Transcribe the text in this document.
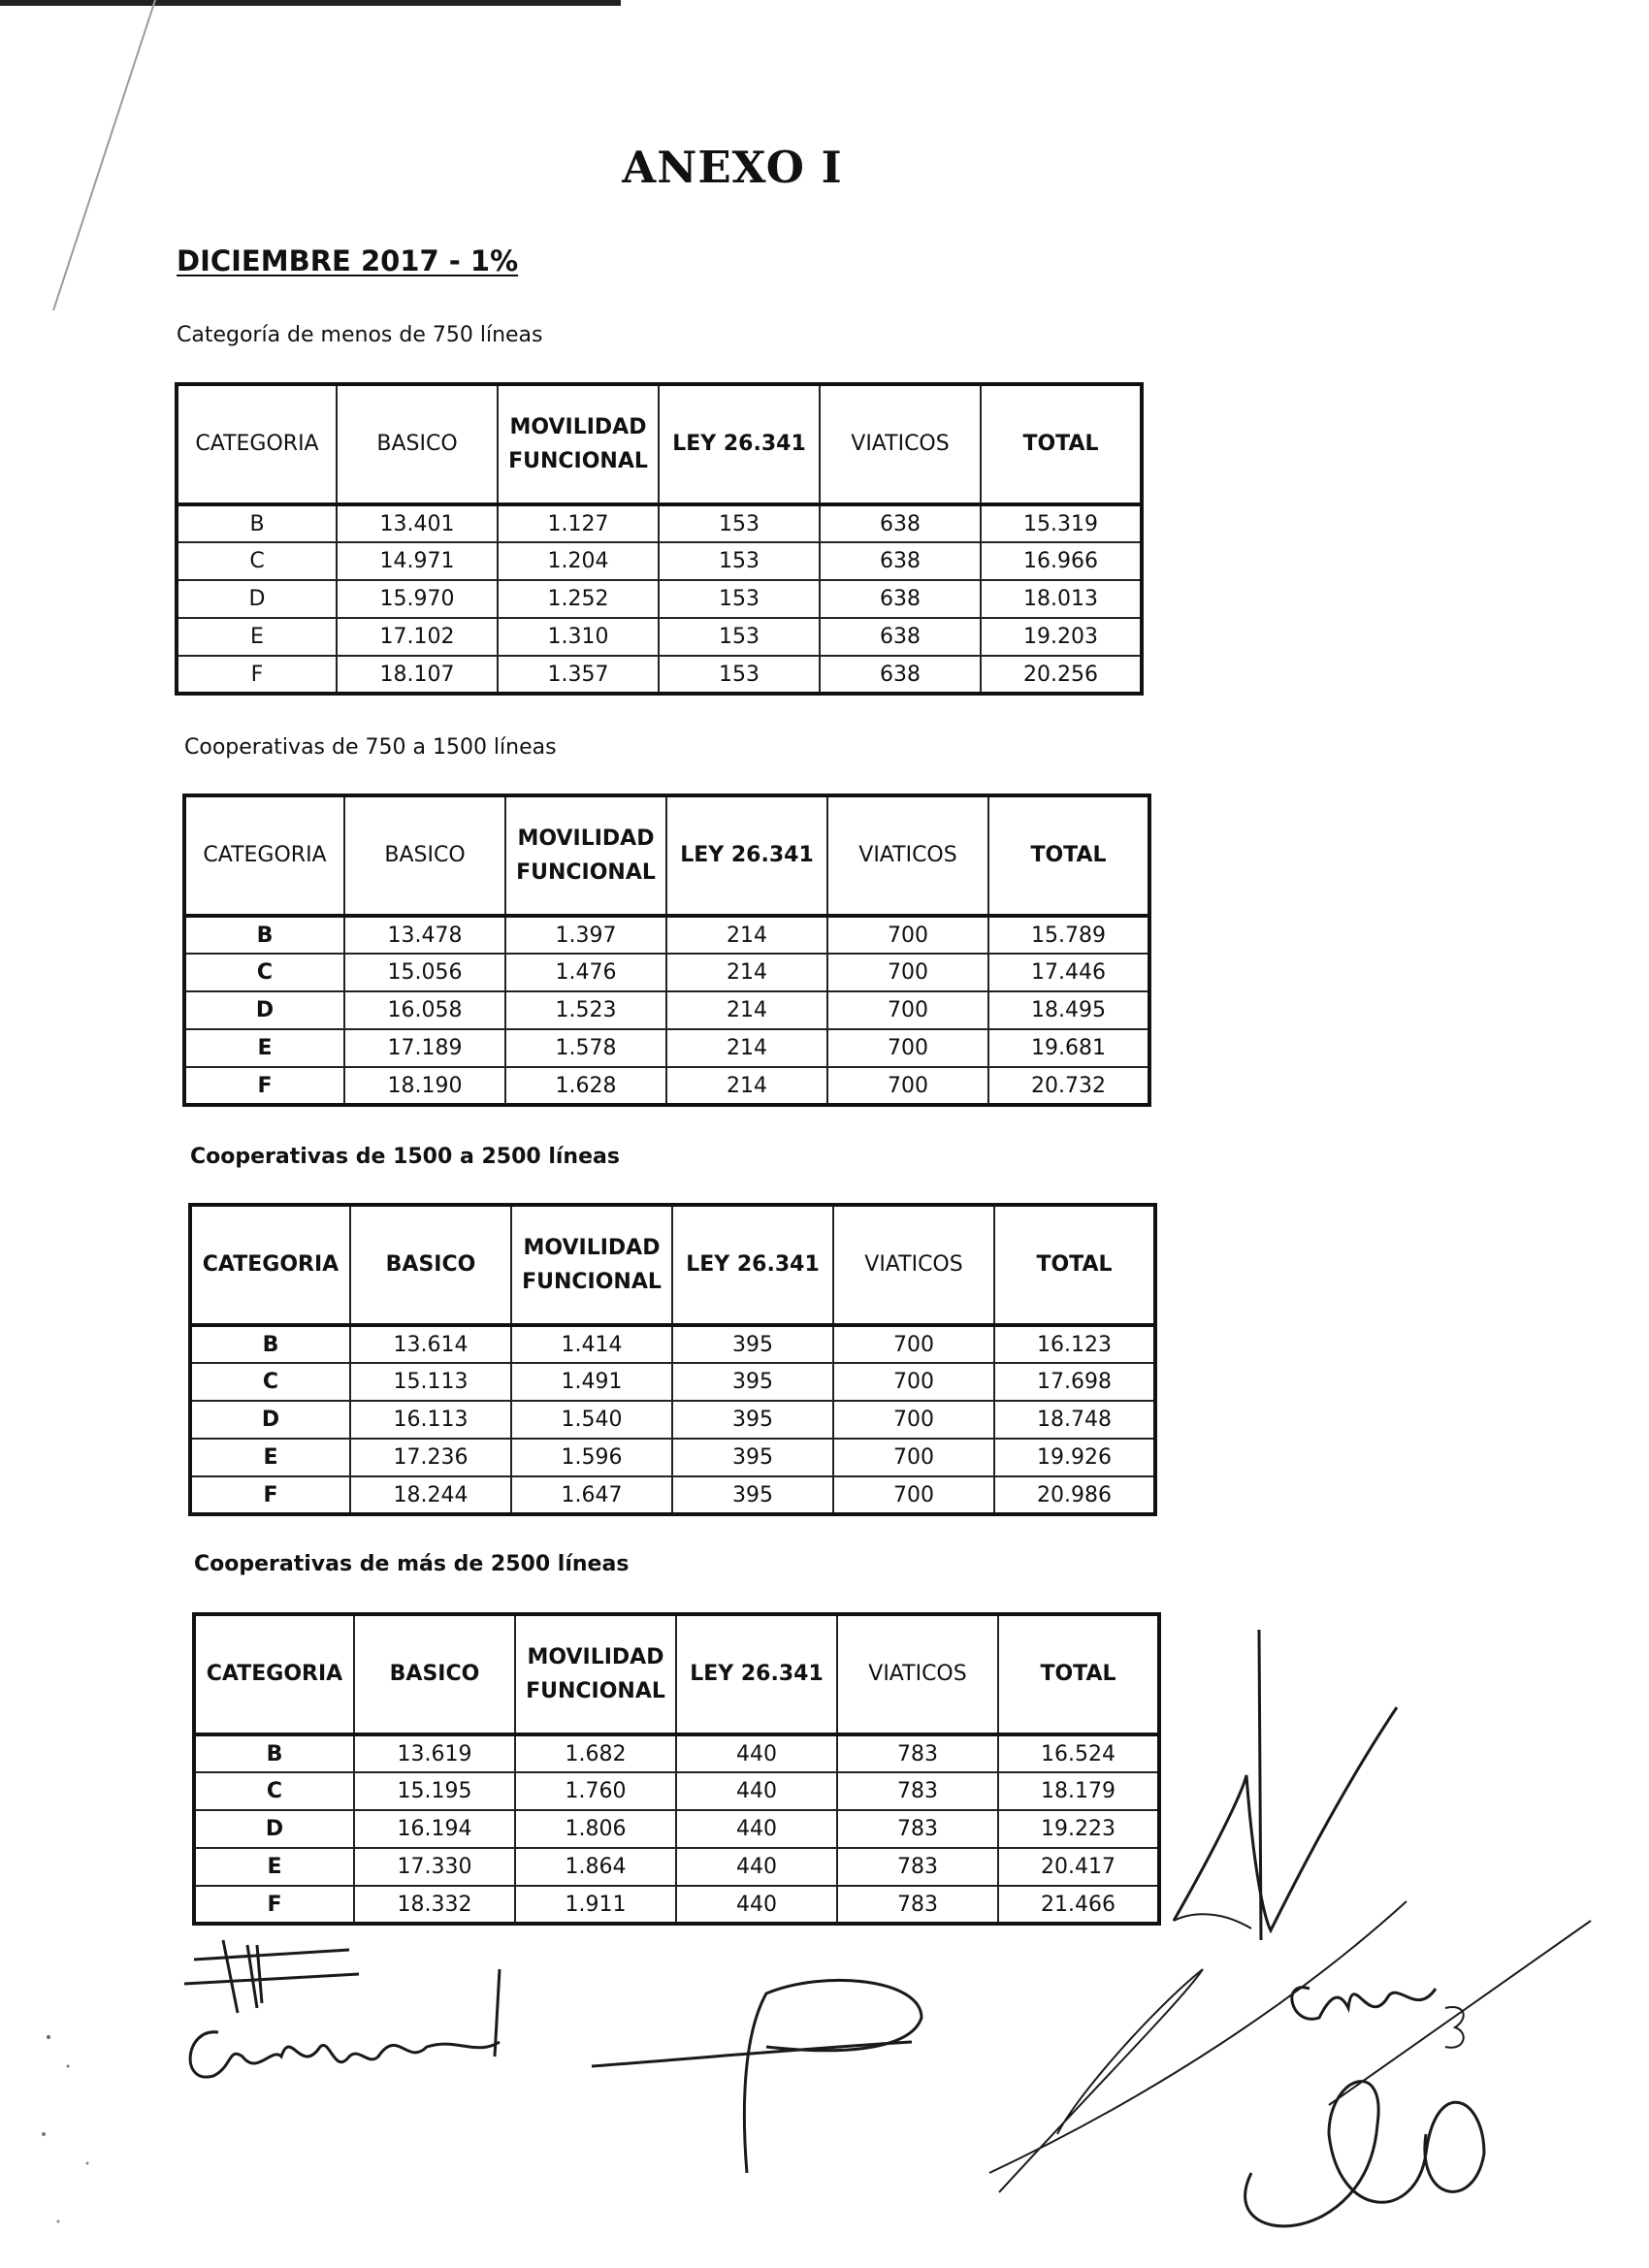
ANEXO I
DICIEMBRE 2017 - 1%

Categoría de menos de 750 líneas

CATEGORIA	BASICO	MOVILIDAD FUNCIONAL	LEY 26.341	VIATICOS	TOTAL
B	13.401	1.127	153	638	15.319
C	14.971	1.204	153	638	16.966
D	15.970	1.252	153	638	18.013
E	17.102	1.310	153	638	19.203
F	18.107	1.357	153	638	20.256

Cooperativas de 750 a 1500 líneas

CATEGORIA	BASICO	MOVILIDAD FUNCIONAL	LEY 26.341	VIATICOS	TOTAL
B	13.478	1.397	214	700	15.789
C	15.056	1.476	214	700	17.446
D	16.058	1.523	214	700	18.495
E	17.189	1.578	214	700	19.681
F	18.190	1.628	214	700	20.732

Cooperativas de 1500 a 2500 líneas

CATEGORIA	BASICO	MOVILIDAD FUNCIONAL	LEY 26.341	VIATICOS	TOTAL
B	13.614	1.414	395	700	16.123
C	15.113	1.491	395	700	17.698
D	16.113	1.540	395	700	18.748
E	17.236	1.596	395	700	19.926
F	18.244	1.647	395	700	20.986

Cooperativas de más de 2500 líneas

CATEGORIA	BASICO	MOVILIDAD FUNCIONAL	LEY 26.341	VIATICOS	TOTAL
B	13.619	1.682	440	783	16.524
C	15.195	1.760	440	783	18.179
D	16.194	1.806	440	783	19.223
E	17.330	1.864	440	783	20.417
F	18.332	1.911	440	783	21.466
